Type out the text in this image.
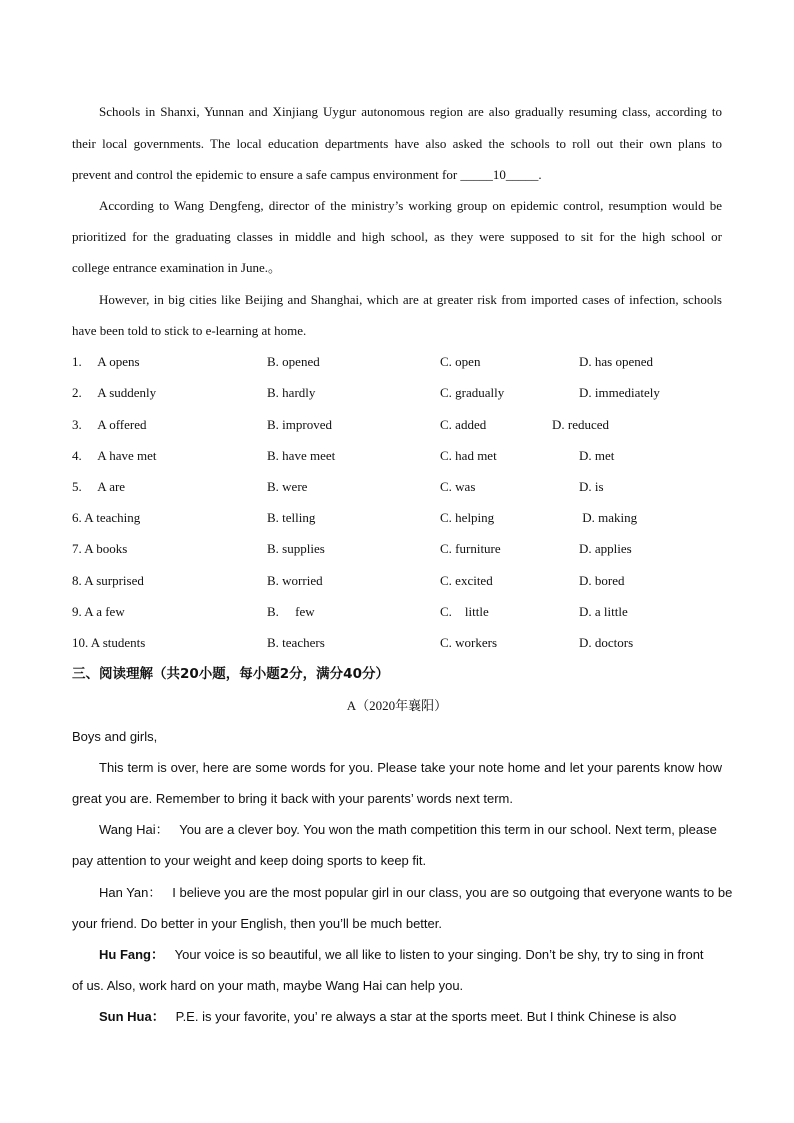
Schools in Shanxi, Yunnan and Xinjiang Uygur autonomous region are also gradually resuming class, according to
their local governments. The local education departments have also asked the schools to roll out their own plans to
prevent and control the epidemic to ensure a safe campus environment for _____10_____.
According to Wang Dengfeng, director of the ministry’s working group on epidemic control, resumption would be
prioritized for the graduating classes in middle and high school, as they were supposed to sit for the high school or
college entrance examination in June.。
However, in big cities like Beijing and Shanghai, which are at greater risk from imported cases of infection, schools
have been told to stick to e-learning at home.
1.     A opens	B. opened	C. open	D. has opened
2.     A suddenly	B. hardly	C. gradually	D. immediately
3.     A offered	B. improved	C. added	D. reduced
4.     A have met	B. have meet	C. had met	D. met
5.     A are	B. were	C. was	D. is
6. A teaching	B. telling	C. helping	D. making
7. A books	B. supplies	C. furniture	D. applies
8. A surprised	B. worried	C. excited	D. bored
9. A a few	B.     few	C.    little	D. a little
10. A students	B. teachers	C. workers	D. doctors
三、阅读理解（共20小题，每小题2分，满分40分）
A（2020年襄阳）
Boys and girls,
This term is over, here are some words for you. Please take your note home and let your parents know how
great you are. Remember to bring it back with your parents’ words next term.
Wang Hai： You are a clever boy. You won the math competition this term in our school. Next term, please
pay attention to your weight and keep doing sports to keep fit.
Han Yan： I believe you are the most popular girl in our class, you are so outgoing that everyone wants to be
your friend. Do better in your English, then you’ll be much better.
Hu Fang： Your voice is so beautiful, we all like to listen to your singing. Don’t be shy, try to sing in front
of us. Also, work hard on your math, maybe Wang Hai can help you.
Sun Hua： P.E. is your favorite, you’ re always a star at the sports meet. But I think Chinese is also
